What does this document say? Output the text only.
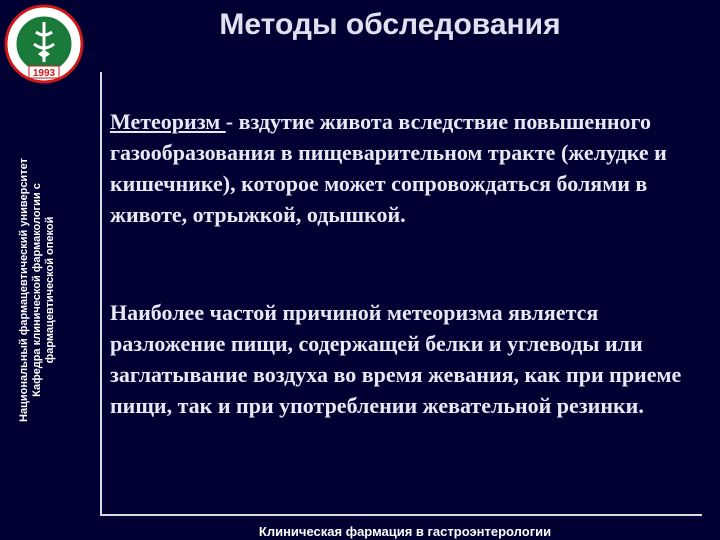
1993
Национальный фармацевтический университет Кафедра клинической фармакологии с фармацевтической опекой
Методы обследования
Метеоризм - вздутие живота вследствие повышенного газообразования в пищеварительном тракте (желудке и кишечнике), которое может сопровождаться болями в животе, отрыжкой, одышкой.
Наиболее частой причиной метеоризма является разложение пищи, содержащей белки и углеводы или заглатывание воздуха во время жевания, как при приеме пищи, так и при употреблении жевательной резинки.
Клиническая фармация в гастроэнтерологии
